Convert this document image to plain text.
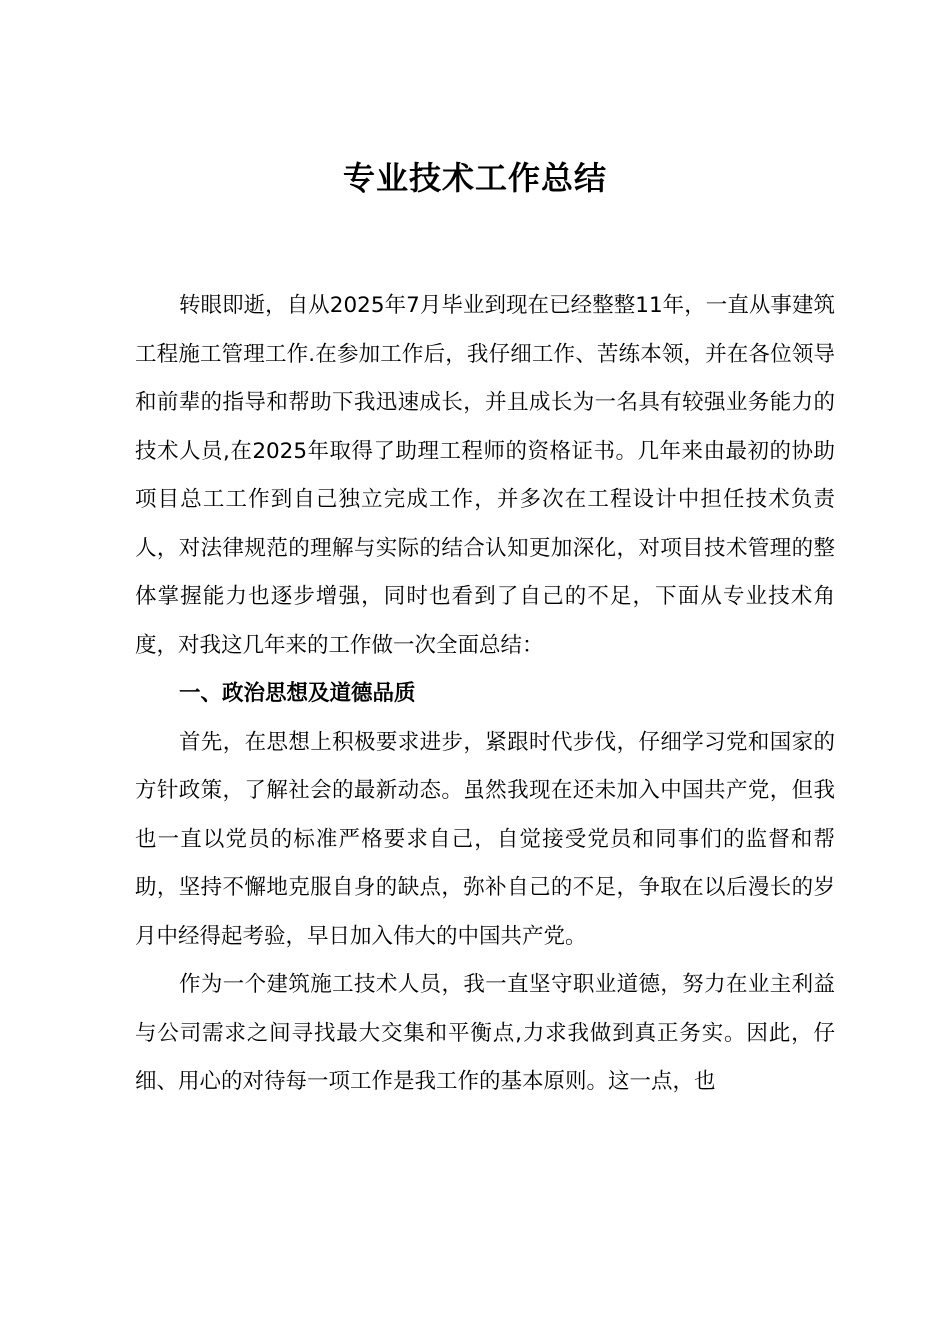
专业技术工作总结

转眼即逝，自从2025年7月毕业到现在已经整整11年，一直从事建筑工程施工管理工作.在参加工作后，我仔细工作、苦练本领，并在各位领导和前辈的指导和帮助下我迅速成长，并且成长为一名具有较强业务能力的技术人员,在2025年取得了助理工程师的资格证书。几年来由最初的协助项目总工工作到自己独立完成工作，并多次在工程设计中担任技术负责人，对法律规范的理解与实际的结合认知更加深化，对项目技术管理的整体掌握能力也逐步增强，同时也看到了自己的不足，下面从专业技术角度，对我这几年来的工作做一次全面总结：

一、政治思想及道德品质

首先，在思想上积极要求进步，紧跟时代步伐，仔细学习党和国家的方针政策，了解社会的最新动态。虽然我现在还未加入中国共产党，但我也一直以党员的标准严格要求自己，自觉接受党员和同事们的监督和帮助，坚持不懈地克服自身的缺点，弥补自己的不足，争取在以后漫长的岁月中经得起考验，早日加入伟大的中国共产党。

作为一个建筑施工技术人员，我一直坚守职业道德，努力在业主利益与公司需求之间寻找最大交集和平衡点,力求我做到真正务实。因此，仔细、用心的对待每一项工作是我工作的基本原则。这一点，也
